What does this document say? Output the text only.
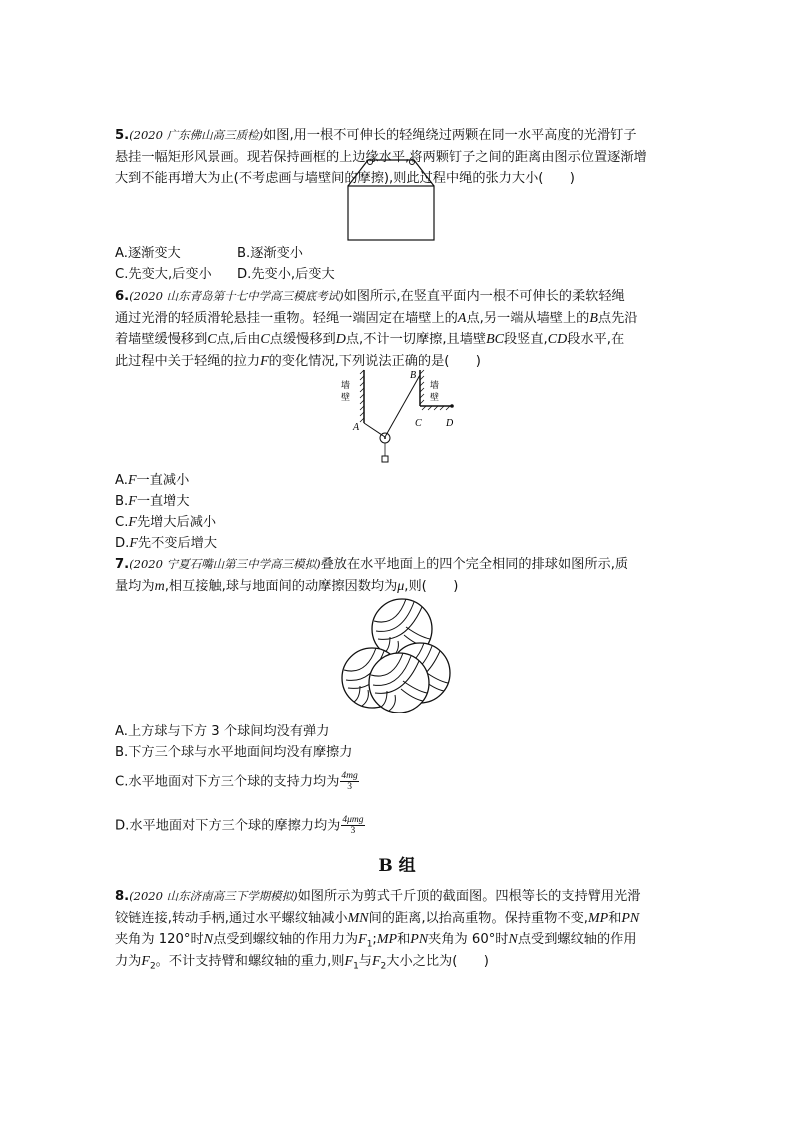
5.(2020 广东佛山高三质检)如图,用一根不可伸长的轻绳绕过两颗在同一水平高度的光滑钉子
悬挂一幅矩形风景画。现若保持画框的上边缘水平,将两颗钉子之间的距离由图示位置逐渐增
大到不能再增大为止(不考虑画与墙壁间的摩擦),则此过程中绳的张力大小(　　)
A.逐渐变大	B.逐渐变小
C.先变大,后变小 D.先变小,后变大
6.(2020 山东青岛第十七中学高三模底考试)如图所示,在竖直平面内一根不可伸长的柔软轻绳
通过光滑的轻质滑轮悬挂一重物。轻绳一端固定在墙壁上的A点,另一端从墙壁上的B点先沿
着墙壁缓慢移到C点,后由C点缓慢移到D点,不计一切摩擦,且墙壁BC段竖直,CD段水平,在
此过程中关于轻绳的拉力F的变化情况,下列说法正确的是(　　)
墙
壁
墙
壁
A
B
C D
A.F一直减小
B.F一直增大
C.F先增大后减小
D.F先不变后增大
7.(2020 宁夏石嘴山第三中学高三模拟)叠放在水平地面上的四个完全相同的排球如图所示,质
量均为m,相互接触,球与地面间的动摩擦因数均为μ,则(　　)
A.上方球与下方 3 个球间均没有弹力
B.下方三个球与水平地面间均没有摩擦力
C.水平地面对下方三个球的支持力均为 $\frac{4mg}{3}$
D.水平地面对下方三个球的摩擦力均为 $\frac{\text{4μmg}}{3}$
B 组
8.(2020 山东济南高三下学期模拟)如图所示为剪式千斤顶的截面图。四根等长的支持臂用光滑
铰链连接,转动手柄,通过水平螺纹轴减小MN间的距离,以抬高重物。保持重物不变,MP和PN
夹角为 120°时N点受到螺纹轴的作用力为$F_1;MP$和PN夹角为 60°时N点受到螺纹轴的作用
力为$F_2$。不计支持臂和螺纹轴的重力,则$F_1$与$F_2$大小之比为(　　)
